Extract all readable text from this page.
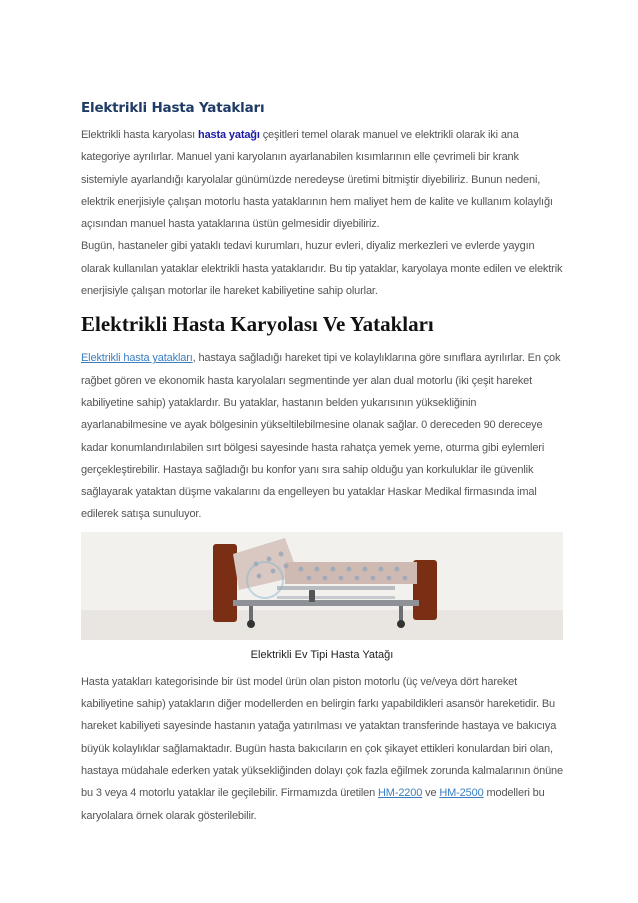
Elektrikli Hasta Yatakları

Elektrikli hasta karyolası hasta yatağı çeşitleri temel olarak manuel ve elektrikli olarak iki ana kategoriye ayrılırlar. Manuel yani karyolanın ayarlanabilen kısımlarının elle çevrimeli bir krank sistemiyle ayarlandığı karyolalar günümüzde neredeyse üretimi bitmiştir diyebiliriz. Bunun nedeni, elektrik enerjisiyle çalışan motorlu hasta yataklarının hem maliyet hem de kalite ve kullanım kolaylığı açısından manuel hasta yataklarına üstün gelmesidir diyebiliriz.

Bugün, hastaneler gibi yataklı tedavi kurumları, huzur evleri, diyaliz merkezleri ve evlerde yaygın olarak kullanılan yataklar elektrikli hasta yataklarıdır. Bu tip yataklar, karyolaya monte edilen ve elektrik enerjisiyle çalışan motorlar ile hareket kabiliyetine sahip olurlar.

Elektrikli Hasta Karyolası Ve Yatakları

Elektrikli hasta yatakları, hastaya sağladığı hareket tipi ve kolaylıklarına göre sınıflara ayrılırlar. En çok rağbet gören ve ekonomik hasta karyolaları segmentinde yer alan dual motorlu (iki çeşit hareket kabiliyetine sahip) yataklardır. Bu yataklar, hastanın belden yukarısının yüksekliğinin ayarlanabilmesine ve ayak bölgesinin yükseltilebilmesine olanak sağlar. 0 dereceden 90 dereceye kadar konumlandırılabilen sırt bölgesi sayesinde hasta rahatça yemek yeme, oturma gibi eylemleri gerçekleştirebilir. Hastaya sağladığı bu konfor yanı sıra sahip olduğu yan korkuluklar ile güvenlik sağlayarak yataktan düşme vakalarını da engelleyen bu yataklar Haskar Medikal firmasında imal edilerek satışa sunuluyor.

Elektrikli Ev Tipi Hasta Yatağı

Hasta yatakları kategorisinde bir üst model ürün olan piston motorlu (üç ve/veya dört hareket kabiliyetine sahip) yatakların diğer modellerden en belirgin farkı yapabildikleri asansör hareketidir. Bu hareket kabiliyeti sayesinde hastanın yatağa yatırılması ve yataktan transferinde hastaya ve bakıcıya büyük kolaylıklar sağlamaktadır. Bugün hasta bakıcıların en çok şikayet ettikleri konulardan biri olan, hastaya müdahale ederken yatak yüksekliğinden dolayı çok fazla eğilmek zorunda kalmalarının önüne bu 3 veya 4 motorlu yataklar ile geçilebilir. Firmamızda üretilen HM-2200 ve HM-2500 modelleri bu karyolalara örnek olarak gösterilebilir.
